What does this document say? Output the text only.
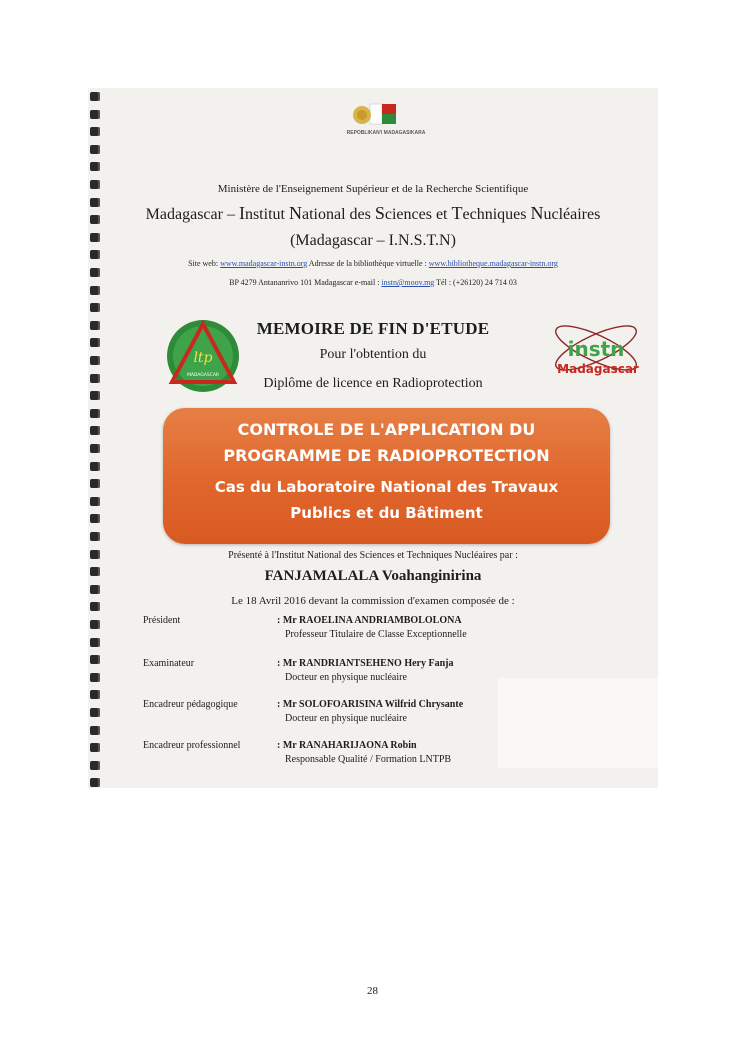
REPOBLIKAN'I MADAGASIKARA
Ministère de l'Enseignement Supérieur et de la Recherche Scientifique
Madagascar – Institut National des Sciences et Techniques Nucléaires
(Madagascar – I.N.S.T.N)
Site web: www.madagascar-instn.org Adresse de la bibliothèque virtuelle : www.bibliotheque.madagascar-instn.org
BP 4279 Antananrivo 101 Madagascar e-mail : instn@moov.mg Tél : (+26120) 24 714 03
ltp
MADAGASCAR
MEMOIRE DE FIN D'ETUDE
Pour l'obtention du
Diplôme de licence en Radioprotection
instn
Madagascar
CONTROLE DE L'APPLICATION DU
PROGRAMME DE RADIOPROTECTION
Cas du Laboratoire National des Travaux
Publics et du Bâtiment
Présenté à l'Institut National des Sciences et Techniques Nucléaires par :
FANJAMALALA Voahanginirina
Le 18 Avril 2016 devant la commission d'examen composée de :
Président	: Mr RAOELINA ANDRIAMBOLOLONA
Professeur Titulaire de Classe Exceptionnelle
Examinateur	: Mr RANDRIANTSEHENO Hery Fanja
Docteur en physique nucléaire
Encadreur pédagogique	: Mr SOLOFOARISINA Wilfrid Chrysante
Docteur en physique nucléaire
Encadreur professionnel	: Mr RANAHARIJAONA Robin
Responsable Qualité / Formation LNTPB
28
